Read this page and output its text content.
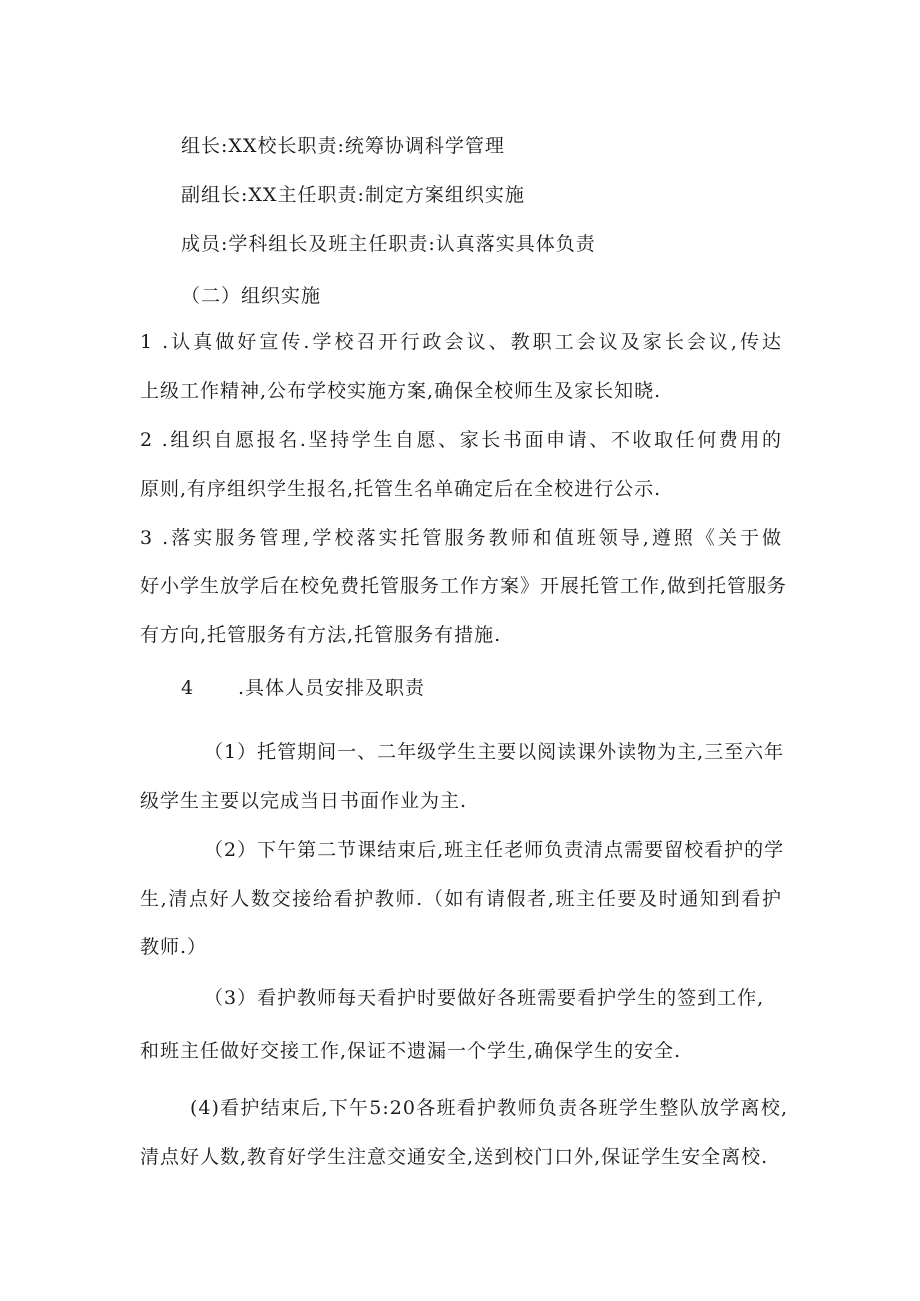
组长:XX校长职责:统筹协调科学管理
副组长:XX主任职责:制定方案组织实施
成员:学科组长及班主任职责:认真落实具体负责
（二）组织实施
1 .认真做好宣传.学校召开行政会议、教职工会议及家长会议,传达
上级工作精神,公布学校实施方案,确保全校师生及家长知晓.
2 .组织自愿报名.坚持学生自愿、家长书面申请、不收取任何费用的
原则,有序组织学生报名,托管生名单确定后在全校进行公示.
3 .落实服务管理,学校落实托管服务教师和值班领导,遵照《关于做
好小学生放学后在校免费托管服务工作方案》开展托管工作,做到托管服务
有方向,托管服务有方法,托管服务有措施.
4 .具体人员安排及职责
（1）托管期间一、二年级学生主要以阅读课外读物为主,三至六年
级学生主要以完成当日书面作业为主.
（2）下午第二节课结束后,班主任老师负责清点需要留校看护的学
生,清点好人数交接给看护教师.（如有请假者,班主任要及时通知到看护
教师.）
（3）看护教师每天看护时要做好各班需要看护学生的签到工作,
和班主任做好交接工作,保证不遗漏一个学生,确保学生的安全.
(4)看护结束后,下午5:20各班看护教师负责各班学生整队放学离校,
清点好人数,教育好学生注意交通安全,送到校门口外,保证学生安全离校.
